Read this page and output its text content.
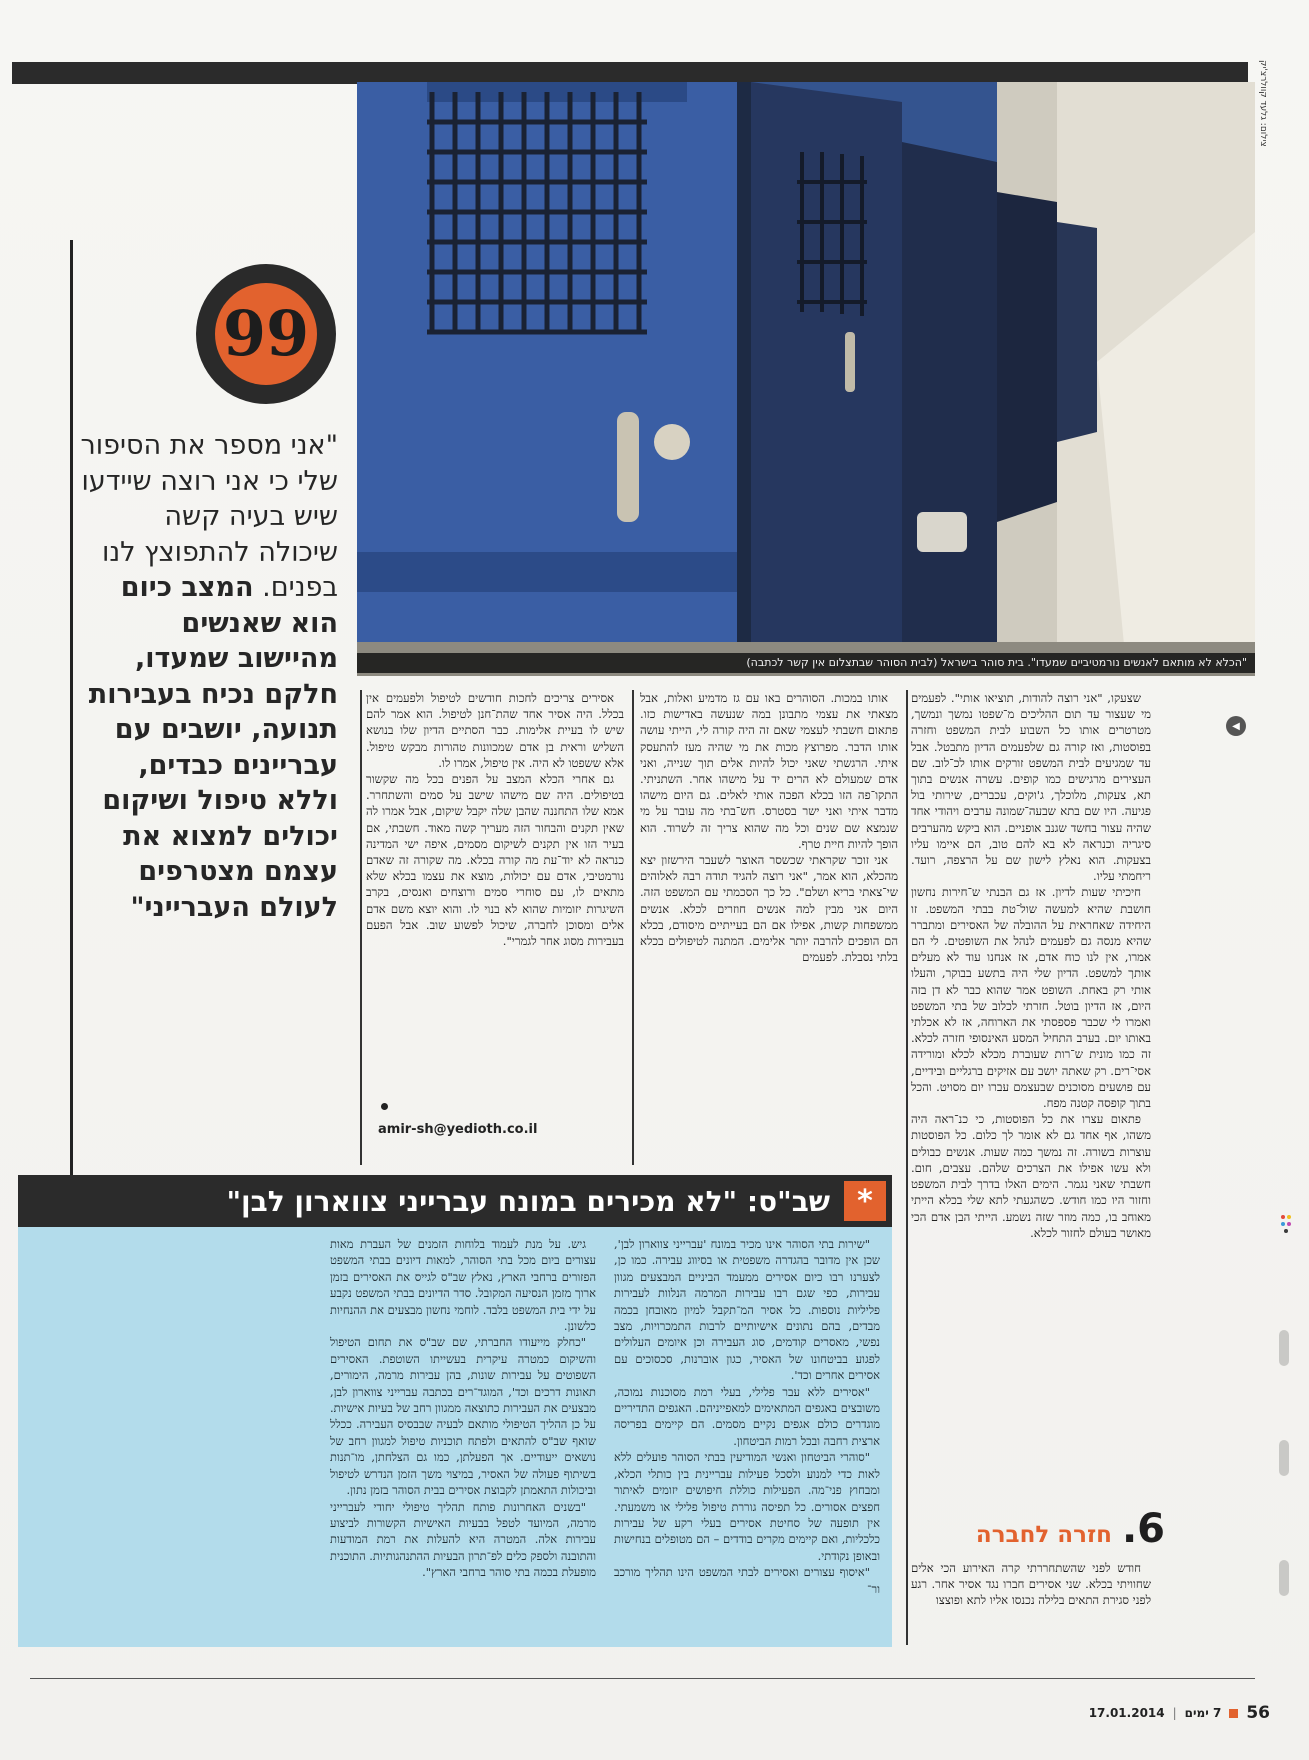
צילום: גלעד קוולרצ'יק
"הכלא לא מותאם לאנשים נורמטיביים שמעדו". בית סוהר בישראל (לבית הסוהר שבתצלום אין קשר לכתבה)
99
"אני מספר את הסיפור שלי כי אני רוצה שיידעו שיש בעיה קשה שיכולה להתפוצץ לנו בפנים. המצב כיום הוא שאנשים מהיישוב שמעדו, חלקם נכיח בעבירות תנועה, יושבים עם עבריינים כבדים, וללא טיפול ושיקום יכולים למצוא את עצמם מצטרפים לעולם העברייני"

שצעקו, "אני רוצה להודות, תוציאו אותי". לפעמים מי שעצור עד תום ההליכים מ־שפטו נמשך ונמשך, מטרטרים אותו כל השבוע לבית המשפט וחזרה בפוסטות, ואז קורה גם שלפעמים הדיון מתבטל. אבל עד שמגיעים לבית המשפט זורקים אותו לכ־לוב. שם העצירים מרגישים כמו קופים. עשרה אנשים בתוך תא, צעקות, מלוכלך, ג'וקים, עכברים, שירותי בול פגיעה. היו שם בתא שבעה־שמונה ערבים ויהודי אחד שהיה עצור בחשד שגנב אופניים. הוא ביקש מהערבים סיגריה וכנראה לא בא להם טוב, הם איימו עליו בצעקות. הוא נאלץ לישון שם על הרצפה, רועד. ריחמתי עליו.

חיכיתי שעות לדיון. אז גם הבנתי ש־חירות נחשון חושבת שהיא למעשה שול־טת בבתי המשפט. זו היחידה שאחראית על ההובלה של האסירים ומתברר שהיא מנסה גם לפעמים לנהל את השופטים. לי הם אמרו, אין לנו כוח אדם, אז אנחנו עוד לא מעלים אותך למשפט. הדיון שלי היה בתשע בבוקר, והעלו אותי רק באחת. השופט אמר שהוא כבר לא דן בזה היום, אז הדיון בוטל. חזרתי לכלוב של בתי המשפט ואמרו לי שכבר פספסתי את הארוחה, אז לא אכלתי באותו יום. בערב התחיל המסע האינסופי חזרה לכלא. זה כמו מונית ש־רות שעוברת מכלא לכלא ומורידה אסי־רים. רק שאתה יושב עם אזיקים ברגליים ובידיים, עם פושעים מסוכנים שבעצמם עברו יום מסויט. והכל בתוך קופסה קטנה מפח.

פתאום עצרו את כל הפוסטות, כי כנ־ראה היה משהו, אף אחד גם לא אומר לך כלום. כל הפוסטות עוצרות בשורה. זה נמשך כמה שעות. אנשים כבולים ולא עשו אפילו את הצרכים שלהם. עצבים, חום. חשבתי שאני נגמר. הימים האלו בדרך לבית המשפט וחזור היו כמו חודש. כשהגעתי לתא שלי בכלא הייתי מאוחב בו, כמה מוזר שזה נשמע. הייתי הבן אדם הכי מאושר בעולם לחזור לכלא.

אותו במכות. הסוהרים באו עם גז מדמיע ואלות, אבל מצאתי את עצמי מתבונן במה שנעשה באדישות כזו. פתאום חשבתי לעצמי שאם זה היה קורה לי, הייתי עושה אותו הדבר. מפרוצץ מכות את מי שהיה מעז להתעסק איתי. הרגשתי שאני יכול להיות אלים תוך שנייה, ואני אדם שמעולם לא הרים יד על מישהו אחר. השתניתי. התקו־פה הזו בכלא הפכה אותי לאלים. גם היום מישהו מדבר איתי ואני ישר בסטרס. חש־בתי מה עובר על מי שנמצא שם שנים וכל מה שהוא צריך זה לשרוד. הוא הופך להיות חיית טרף.

אני זוכר שקראתי שכשסר האוצר לשעבר הירשזון יצא מהכלא, הוא אמר, "אני רוצה להגיד תודה רבה לאלוהים שי־צאתי בריא ושלם". כל כך הסכמתי עם המשפט הזה. היום אני מבין למה אנשים חוזרים לכלא. אנשים ממשפחות קשות, אפילו אם הם בעייתיים מיסודם, בכלא הם הופכים להרבה יותר אלימים. המתנה לטיפולים בכלא בלתי נסבלת. לפעמים

אסירים צריכים לחכות חודשים לטיפול ולפעמים אין בכלל. היה אסיר אחד שהת־חנן לטיפול. הוא אמר להם שיש לו בעיית אלימות. כבר הסתיים הדיון שלו בנושא השליש וראית בן אדם שמכוונות טהורות מבקש טיפול. אלא ששפטו לא היה. אין טיפול, אמרו לו.

גם אחרי הכלא המצב על הפנים בכל מה שקשור בטיפולים. היה שם מישהו שישב על סמים והשתחרר. אמא שלו התחננה שהבן שלה יקבל שיקום, אבל אמרו לה שאין תקנים והבחור הזה מעריך קשה מאוד. חשבתי, אם בעיר הזו אין תקנים לשיקום מסמים, איפה ישי המדינה כנראה לא יוד־עת מה קורה בכלא. מה שקורה זה שאדם נורמטיבי, אדם עם יכולות, מוצא את עצמו בכלא שלא מתאים לו, עם סוחרי סמים ורוצחים ואנסים, בקרב השיגרות יזומיות שהוא לא בנוי לו. והוא יוצא משם אדם אלים ומסוכן לחברה, שיכול לפשוע שוב. אבל הפעם בעבירות מסוג אחר לגמרי".

amir-sh@yedioth.co.il
6.
חזרה לחברה

חודש לפני שהשתחררתי קרה האירוע הכי אלים שחוויתי בכלא. שני אסירים חברו נגד אסיר אחר. רגע לפני סגירת התאים בלילה נכנסו אליו לתא ופוצצו

*
שב"ס: "לא מכירים במונח עברייני צווארון לבן"

"שירות בתי הסוהר אינו מכיר במונח 'עברייני צווארון לבן', שכן אין מדובר בהגדרה משפטית או בסיווג עבירה. כמו כן, לצערנו רבו כיום אסירים ממעמד הביניים המבצעים מגוון עבירות, כפי שגם רבו עבירות המרמה הנלוות לעבירות פליליות נוספות. כל אסיר המ־תקבל למיון מאובחן בכמה מבדים, בהם נתונים אישיותיים לרבות התמכרויות, מצב נפשי, מאסרים קודמים, סוג העבירה וכן איומים העלולים לפגוע בביטחונו של האסיר, כגון אוברנות, סכסוכים עם אסירים אחרים וכד'.

"אסירים ללא עבר פלילי, בעלי רמת מסוכנות נמוכה, משובצים באגפים המתאימים למאפייניהם. האגפים התדיריים מוגדרים כולם אגפים נקיים מסמים. הם קיימים בפריסה ארצית רחבה ובכל רמות הביטחון.

"סוהרי הביטחון ואנשי המודיעין בבתי הסוהר פועלים ללא לאות כדי למנוע ולסכל פעילות עבריינית בין כותלי הכלא, ומבחוץ פני־מה. הפעילות כוללת חיפושים יזומים לאיתור חפצים אסורים. כל תפיסה גוררת טיפול פלילי או משמעתי. אין תופעה של סחיטת אסירים בעלי רקע של עבירות כלכליות, ואם קיימים מקרים בודדים – הם מטופלים בנחישות ובאופן נקודתי.

"איסוף עצורים ואסירים לבתי המשפט הינו תהליך מורכב ור־

גיש. על מנת לעמוד בלוחות הזמנים של העברת מאות עצורים ביום מכל בתי הסוהר, למאות דיונים בבתי המשפט הפזורים ברחבי הארץ, נאלץ שב"ס לגייס את האסירים בזמן ארוך מזמן הנסיעה המקובל. סדר הדיונים בבתי המשפט נקבע על ידי בית המשפט בלבד. לוחמי נחשון מבצעים את ההנחיות כלשונן.

"כחלק מייעודו החברתי, שם שב"ס את תחום הטיפול והשיקום כמטרה עיקרית בעשייתו השוטפת. האסירים השפוטים על עבירות שונות, בהן עבירות מרמה, הימורים, תאונות דרכים וכד', המוגד־רים בכתבה עברייני צווארון לבן, מבצעים את העבירות כתוצאה ממגוון רחב של בעיות אישיות. על כן ההליך הטיפולי מותאם לבעיה שבבסיס העבירה. ככלל שואף שב"ס להתאים ולפתח תוכניות טיפול למגוון רחב של נושאים ייעודיים. אך הפעלתן, כמו גם הצלחתן, מו־תנות בשיתוף פעולה של האסיר, במיצוי משך הזמן הנדרש לטיפול וביכולות התאמתן לקבוצת אסירים בבית הסוהר בזמן נתון.

"בשנים האחרונות פותח תהליך טיפולי יחודי לעברייני מרמה, המיועד לטפל בבעיות האישיות הקשורות לביצוע עבירות אלה. המטרה היא להעלות את רמת המודעות והתובנה ולספק כלים לפ־תרון הבעיות ההתנהגותיות. התוכנית מופעלת בכמה בתי סוהר ברחבי הארץ".

◀
17.01.2014 | 7 ימים 56
